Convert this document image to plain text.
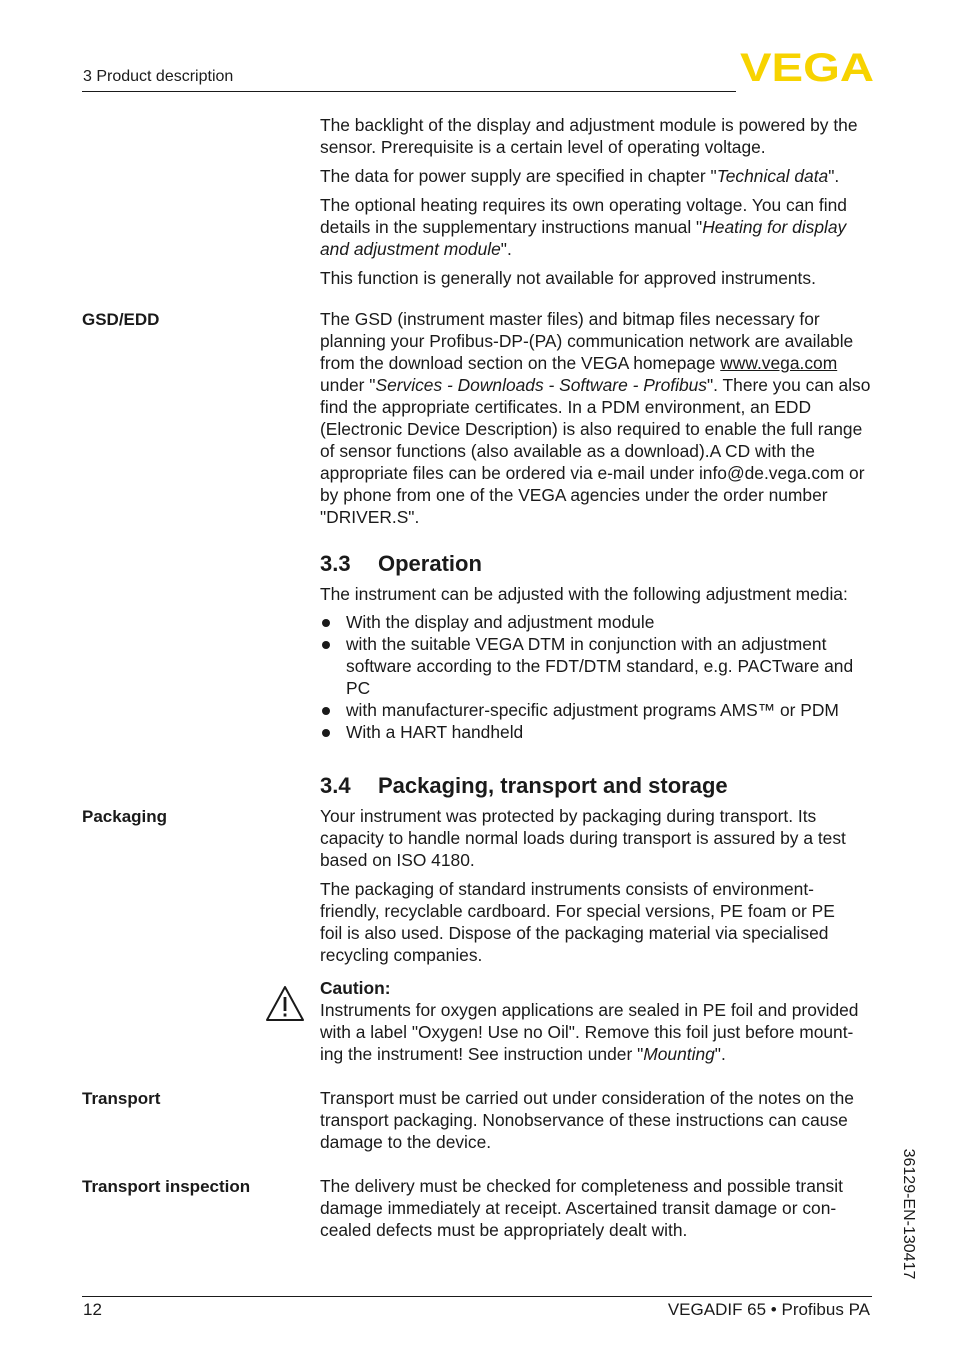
3 Product description	VEGA

The backlight of the display and adjustment module is powered by the sensor. Prerequisite is a certain level of operating voltage.

The data for power supply are specified in chapter "Technical data".

The optional heating requires its own operating voltage. You can find details in the supplementary instructions manual "Heating for display and adjustment module".

This function is generally not available for approved instruments.

GSD/EDD	The GSD (instrument master files) and bitmap files necessary for planning your Profibus-DP-(PA) communication network are available from the download section on the VEGA homepage www.vega.com under "Services - Downloads - Software - Profibus". There you can also find the appropriate certificates. In a PDM environment, an EDD (Electronic Device Description) is also required to enable the full range of sensor functions (also available as a download).A CD with the appropriate files can be ordered via e-mail under info@de.vega.com or by phone from one of the VEGA agencies under the order number "DRIVER.S".

3.3 Operation

The instrument can be adjusted with the following adjustment media:

With the display and adjustment module
with the suitable VEGA DTM in conjunction with an adjustment software according to the FDT/DTM standard, e.g. PACTware and PC
with manufacturer-specific adjustment programs AMS™ or PDM
With a HART handheld
3.4 Packaging, transport and storage
Packaging	Your instrument was protected by packaging during transport. Its capacity to handle normal loads during transport is assured by a test based on ISO 4180.

The packaging of standard instruments consists of environment-friendly, recyclable cardboard. For special versions, PE foam or PE foil is also used. Dispose of the packaging material via specialised recycling companies.

Caution:

Instruments for oxygen applications are sealed in PE foil and provided with a label "Oxygen! Use no Oil". Remove this foil just before mount-ing the instrument! See instruction under "Mounting".

Transport	Transport must be carried out under consideration of the notes on the transport packaging. Nonobservance of these instructions can cause damage to the device.
Transport inspection	The delivery must be checked for completeness and possible transit damage immediately at receipt. Ascertained transit damage or con-cealed defects must be appropriately dealt with.	36129-EN-130417
12	VEGADIF 65 • Profibus PA
